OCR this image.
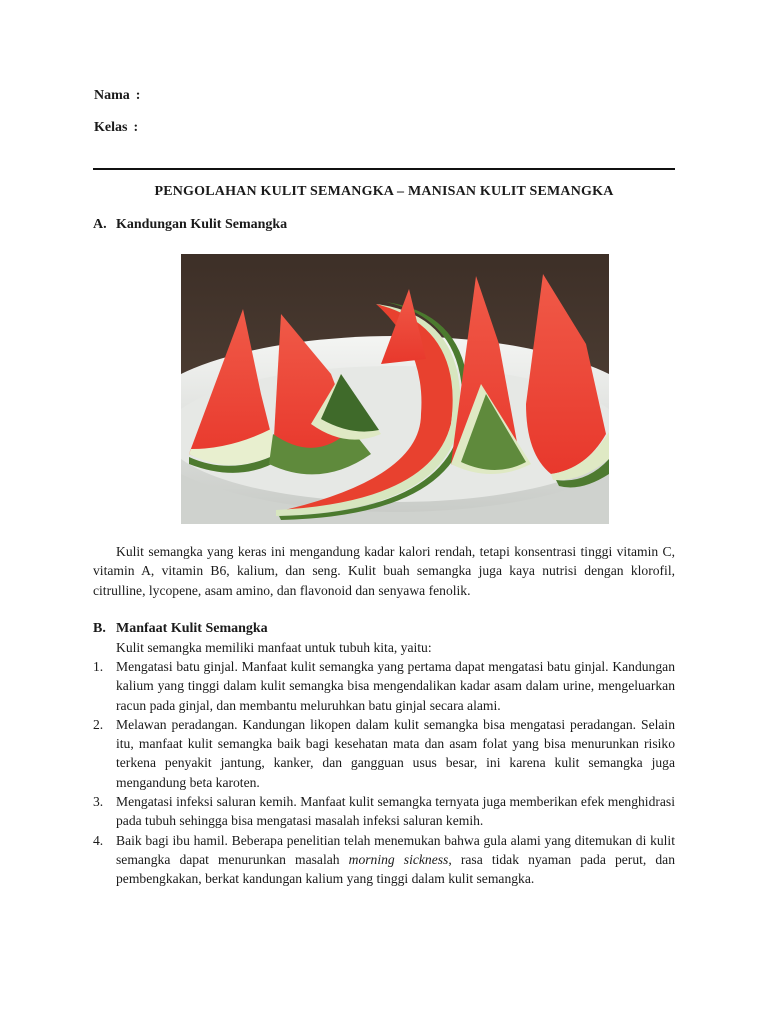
Nama :
Kelas :
PENGOLAHAN KULIT SEMANGKA – MANISAN KULIT SEMANGKA
A. Kandungan Kulit Semangka
Kulit semangka yang keras ini mengandung kadar kalori rendah, tetapi konsentrasi tinggi vitamin C, vitamin A, vitamin B6, kalium, dan seng. Kulit buah semangka juga kaya nutrisi dengan klorofil, citrulline, lycopene, asam amino, dan flavonoid dan senyawa fenolik.
B. Manfaat Kulit Semangka
Kulit semangka memiliki manfaat untuk tubuh kita, yaitu:
1. Mengatasi batu ginjal. Manfaat kulit semangka yang pertama dapat mengatasi batu ginjal. Kandungan kalium yang tinggi dalam kulit semangka bisa mengendalikan kadar asam dalam urine, mengeluarkan racun pada ginjal, dan membantu meluruhkan batu ginjal secara alami.
2. Melawan peradangan. Kandungan likopen dalam kulit semangka bisa mengatasi peradangan. Selain itu, manfaat kulit semangka baik bagi kesehatan mata dan asam folat yang bisa menurunkan risiko terkena penyakit jantung, kanker, dan gangguan usus besar, ini karena kulit semangka juga mengandung beta karoten.
3. Mengatasi infeksi saluran kemih. Manfaat kulit semangka ternyata juga memberikan efek menghidrasi pada tubuh sehingga bisa mengatasi masalah infeksi saluran kemih.
4. Baik bagi ibu hamil. Beberapa penelitian telah menemukan bahwa gula alami yang ditemukan di kulit semangka dapat menurunkan masalah morning sickness, rasa tidak nyaman pada perut, dan pembengkakan, berkat kandungan kalium yang tinggi dalam kulit semangka.
